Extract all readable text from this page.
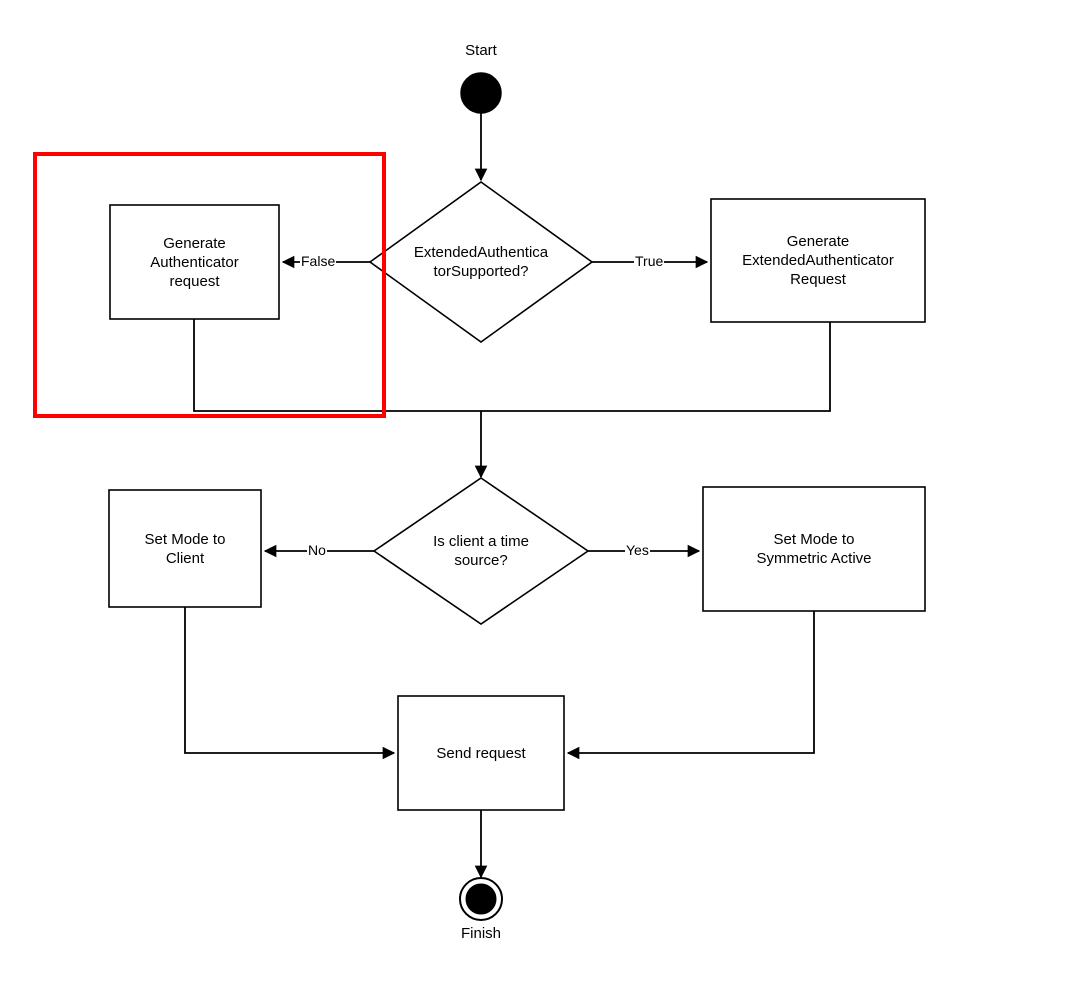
Start
Finish
Generate
Authenticator
request
ExtendedAuthentica
torSupported?
Generate
ExtendedAuthenticator
Request
Set Mode to
Client
Is client a time
source?
Set Mode to
Symmetric Active
Send request
False	True
No	Yes
